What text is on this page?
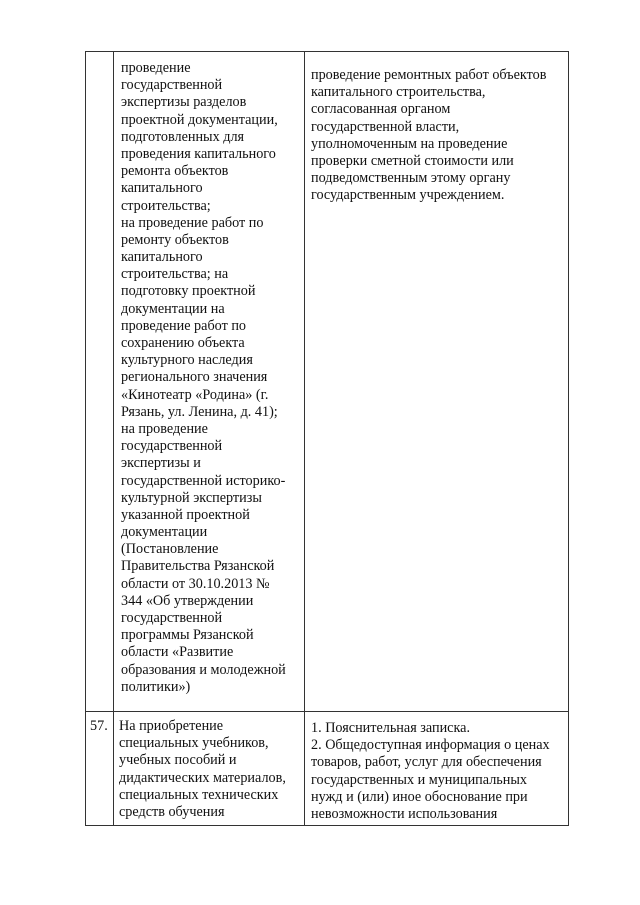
проведение
государственной
экспертизы разделов
проектной документации,
подготовленных для
проведения капитального
ремонта объектов
капитального
строительства;
на проведение работ по
ремонту объектов
капитального
строительства; на
подготовку проектной
документации на
проведение работ по
сохранению объекта
культурного наследия
регионального значения
«Кинотеатр «Родина» (г.
Рязань, ул. Ленина, д. 41);
на проведение
государственной
экспертизы и
государственной историко-
культурной экспертизы
указанной проектной
документации
(Постановление
Правительства Рязанской
области от 30.10.2013 №
344 «Об утверждении
государственной
программы Рязанской
области «Развитие
образования и молодежной
политики»)
проведение ремонтных работ объектов
капитального строительства,
согласованная органом
государственной власти,
уполномоченным на проведение
проверки сметной стоимости или
подведомственным этому органу
государственным учреждением.
57. На приобретение
специальных учебников,
учебных пособий и
дидактических материалов,
специальных технических
средств обучения
1. Пояснительная записка.
2. Общедоступная информация о ценах
товаров, работ, услуг для обеспечения
государственных и муниципальных
нужд и (или) иное обоснование при
невозможности использования
